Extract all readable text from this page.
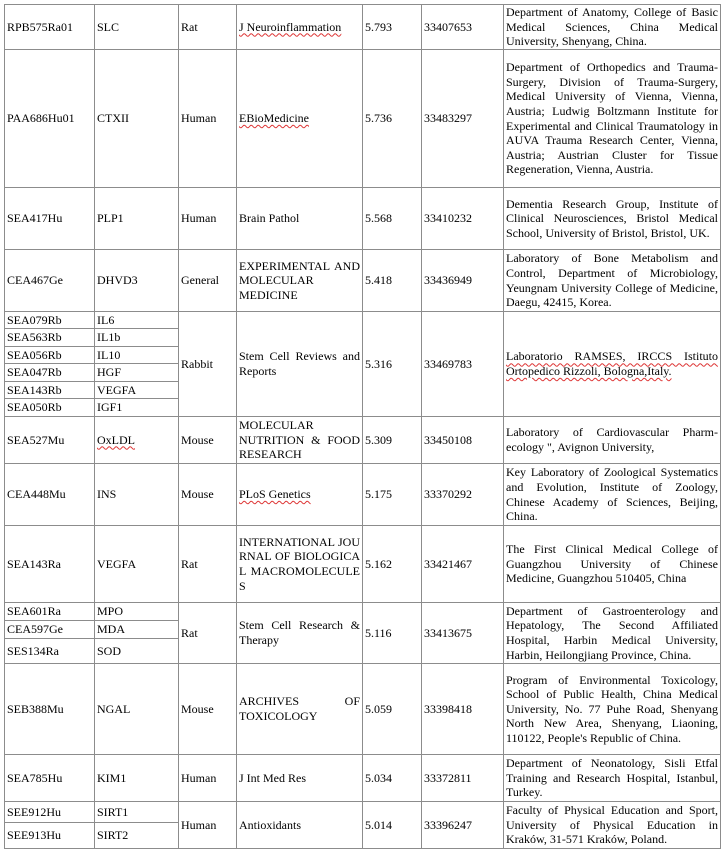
RPB575Ra01	SLC	Rat	J Neuroinflammation	5.793	33407653	Department of Anatomy, College of Basic Medical Sciences, China Medical University, Shenyang, China.
PAA686Hu01	CTXII	Human	EBioMedicine	5.736	33483297	Department of Orthopedics and Trauma-Surgery, Division of Trauma-Surgery, Medical University of Vienna, Vienna, Austria; Ludwig Boltzmann Institute for Experimental and Clinical Traumatology in AUVA Trauma Research Center, Vienna, Austria; Austrian Cluster for Tissue Regeneration, Vienna, Austria.
SEA417Hu	PLP1	Human	Brain Pathol	5.568	33410232	Dementia Research Group, Institute of Clinical Neurosciences, Bristol Medical School, University of Bristol, Bristol, UK.
CEA467Ge	DHVD3	General	EXPERIMENTAL AND MOLECULAR MEDICINE	5.418	33436949	Laboratory of Bone Metabolism and Control, Department of Microbiology, Yeungnam University College of Medicine, Daegu, 42415, Korea.
SEA079Rb	IL6	Rabbit	Stem Cell Reviews and Reports	5.316	33469783	Laboratorio RAMSES, IRCCS Istituto Ortopedico Rizzoli, Bologna,Italy.
SEA563Rb	IL1b					
SEA056Rb	IL10					
SEA047Rb	HGF					
SEA143Rb	VEGFA					
SEA050Rb	IGF1					
SEA527Mu	OxLDL	Mouse	MOLECULAR NUTRITION & FOOD RESEARCH	5.309	33450108	Laboratory of Cardiovascular Pharm-ecology ", Avignon University,
CEA448Mu	INS	Mouse	PLoS Genetics	5.175	33370292	Key Laboratory of Zoological Systematics and Evolution, Institute of Zoology, Chinese Academy of Sciences, Beijing, China.
SEA143Ra	VEGFA	Rat	INTERNATIONAL JOURNAL OF BIOLOGICAL MACROMOLECULES	5.162	33421467	The First Clinical Medical College of Guangzhou University of Chinese Medicine, Guangzhou 510405, China
SEA601Ra	MPO	Rat	Stem Cell Research & Therapy	5.116	33413675	Department of Gastroenterology and Hepatology, The Second Affiliated Hospital, Harbin Medical University, Harbin, Heilongjiang Province, China.
CEA597Ge	MDA					
SES134Ra	SOD					
SEB388Mu	NGAL	Mouse	ARCHIVES OF TOXICOLOGY	5.059	33398418	Program of Environmental Toxicology, School of Public Health, China Medical University, No. 77 Puhe Road, Shenyang North New Area, Shenyang, Liaoning, 110122, People's Republic of China.
SEA785Hu	KIM1	Human	J Int Med Res	5.034	33372811	Department of Neonatology, Sisli Etfal Training and Research Hospital, Istanbul, Turkey.
SEE912Hu	SIRT1	Human	Antioxidants	5.014	33396247	Faculty of Physical Education and Sport, University of Physical Education in Kraków, 31-571 Kraków, Poland.
SEE913Hu	SIRT2					
